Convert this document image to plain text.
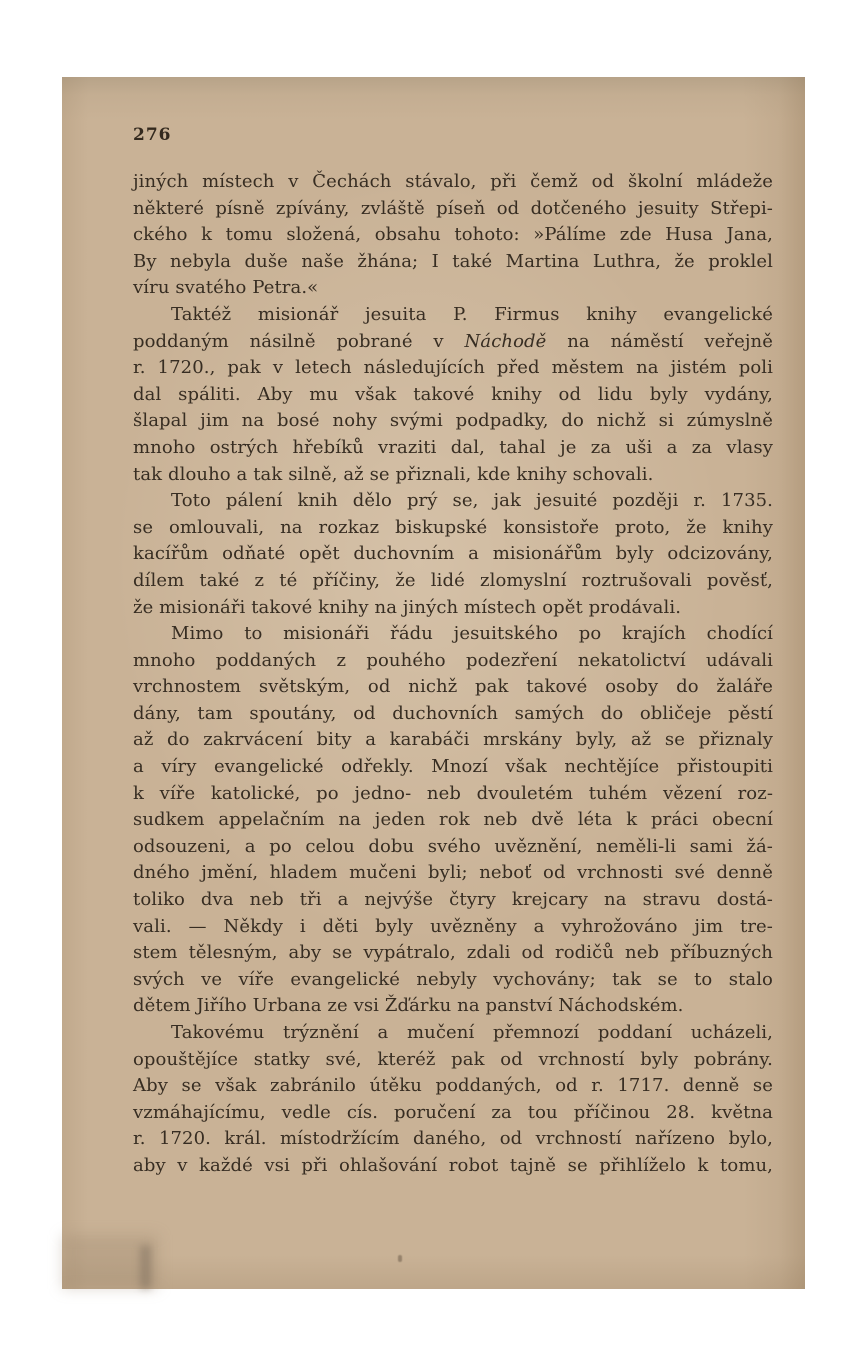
276
jiných místech v Čechách stávalo, při čemž od školní mládeže
některé písně zpívány, zvláště píseň od dotčeného jesuity Střepi-
ckého k tomu složená, obsahu tohoto: »Pálíme zde Husa Jana,
By nebyla duše naše žhána; I také Martina Luthra, že proklel
víru svatého Petra.«
Taktéž misionář jesuita P. Firmus knihy evangelické
poddaným násilně pobrané v Náchodě na náměstí veřejně
r. 1720., pak v letech následujících před městem na jistém poli
dal spáliti. Aby mu však takové knihy od lidu byly vydány,
šlapal jim na bosé nohy svými podpadky, do nichž si zúmyslně
mnoho ostrých hřebíků vraziti dal, tahal je za uši a za vlasy
tak dlouho a tak silně, až se přiznali, kde knihy schovali.
Toto pálení knih dělo prý se, jak jesuité později r. 1735.
se omlouvali, na rozkaz biskupské konsistoře proto, že knihy
kacířům odňaté opět duchovním a misionářům byly odcizovány,
dílem také z té příčiny, že lidé zlomyslní roztrušovali pověsť,
že misionáři takové knihy na jiných místech opět prodávali.
Mimo to misionáři řádu jesuitského po krajích chodící
mnoho poddaných z pouhého podezření nekatolictví udávali
vrchnostem světským, od nichž pak takové osoby do žaláře
dány, tam spoutány, od duchovních samých do obličeje pěstí
až do zakrvácení bity a karabáči mrskány byly, až se přiznaly
a víry evangelické odřekly. Mnozí však nechtějíce přistoupiti
k víře katolické, po jedno- neb dvouletém tuhém vězení roz-
sudkem appelačním na jeden rok neb dvě léta k práci obecní
odsouzeni, a po celou dobu svého uvěznění, neměli-li sami žá-
dného jmění, hladem mučeni byli; neboť od vrchnosti své denně
toliko dva neb tři a nejvýše čtyry krejcary na stravu dostá-
vali. — Někdy i děti byly uvězněny a vyhrožováno jim tre-
stem tělesným, aby se vypátralo, zdali od rodičů neb příbuzných
svých ve víře evangelické nebyly vychovány; tak se to stalo
dětem Jiřího Urbana ze vsi Žďárku na panství Náchodském.
Takovému trýznění a mučení přemnozí poddaní ucházeli,
opouštějíce statky své, kteréž pak od vrchností byly pobrány.
Aby se však zabránilo útěku poddaných, od r. 1717. denně se
vzmáhajícímu, vedle cís. poručení za tou příčinou 28. května
r. 1720. král. místodržícím daného, od vrchností nařízeno bylo,
aby v každé vsi při ohlašování robot tajně se přihlíželo k tomu,
